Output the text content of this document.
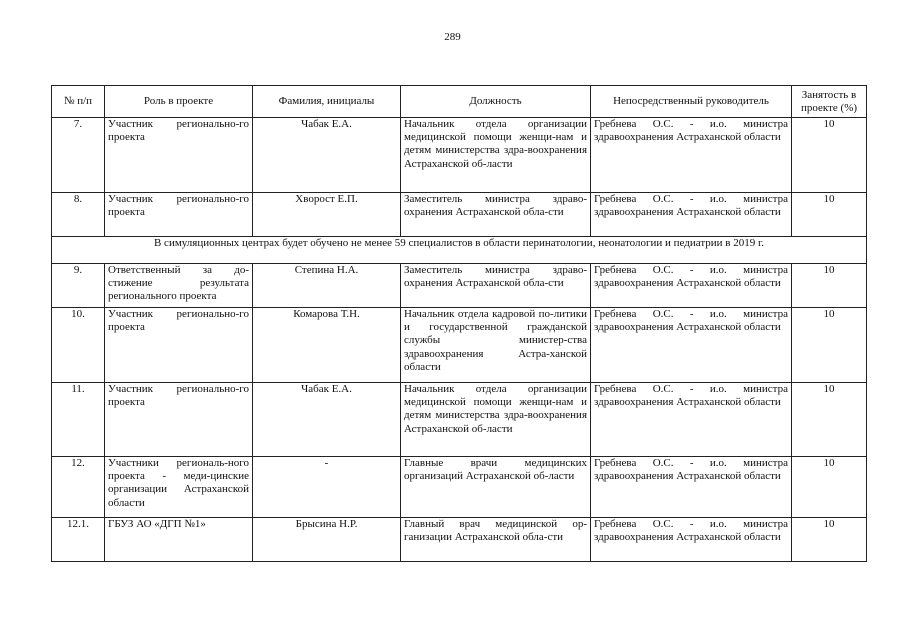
289
№ п/п	Роль в проекте	Фамилия, инициалы	Должность	Непосредственный руководитель	Занятость в проекте (%)
7.	Участник регионально-го проекта	Чабак Е.А.	Начальник отдела организации медицинской помощи женщи-нам и детям министерства здра-воохранения Астраханской об-ласти	Гребнева О.С. - и.о. министра здравоохранения Астраханской области	10
8.	Участник регионально-го проекта	Хворост Е.П.	Заместитель министра здраво-охранения Астраханской обла-сти	Гребнева О.С. - и.о. министра здравоохранения Астраханской области	10
В симуляционных центрах будет обучено не менее 59 специалистов в области перинатологии, неонатологии и педиатрии в 2019 г.					
9.	Ответственный за до-стижение результата регионального проекта	Степина Н.А.	Заместитель министра здраво-охранения Астраханской обла-сти	Гребнева О.С. - и.о. министра здравоохранения Астраханской области	10
10.	Участник регионально-го проекта	Комарова Т.Н.	Начальник отдела кадровой по-литики и государственной гражданской службы министер-ства здравоохранения Астра-ханской области	Гребнева О.С. - и.о. министра здравоохранения Астраханской области	10
11.	Участник регионально-го проекта	Чабак Е.А.	Начальник отдела организации медицинской помощи женщи-нам и детям министерства здра-воохранения Астраханской об-ласти	Гребнева О.С. - и.о. министра здравоохранения Астраханской области	10
12.	Участники региональ-ного проекта - меди-цинские организации Астраханской области	-	Главные врачи медицинских организаций Астраханской об-ласти	Гребнева О.С. - и.о. министра здравоохранения Астраханской области	10
12.1.	ГБУЗ АО «ДГП №1»	Брысина Н.Р.	Главный врач медицинской ор-ганизации Астраханской обла-сти	Гребнева О.С. - и.о. министра здравоохранения Астраханской области	10
